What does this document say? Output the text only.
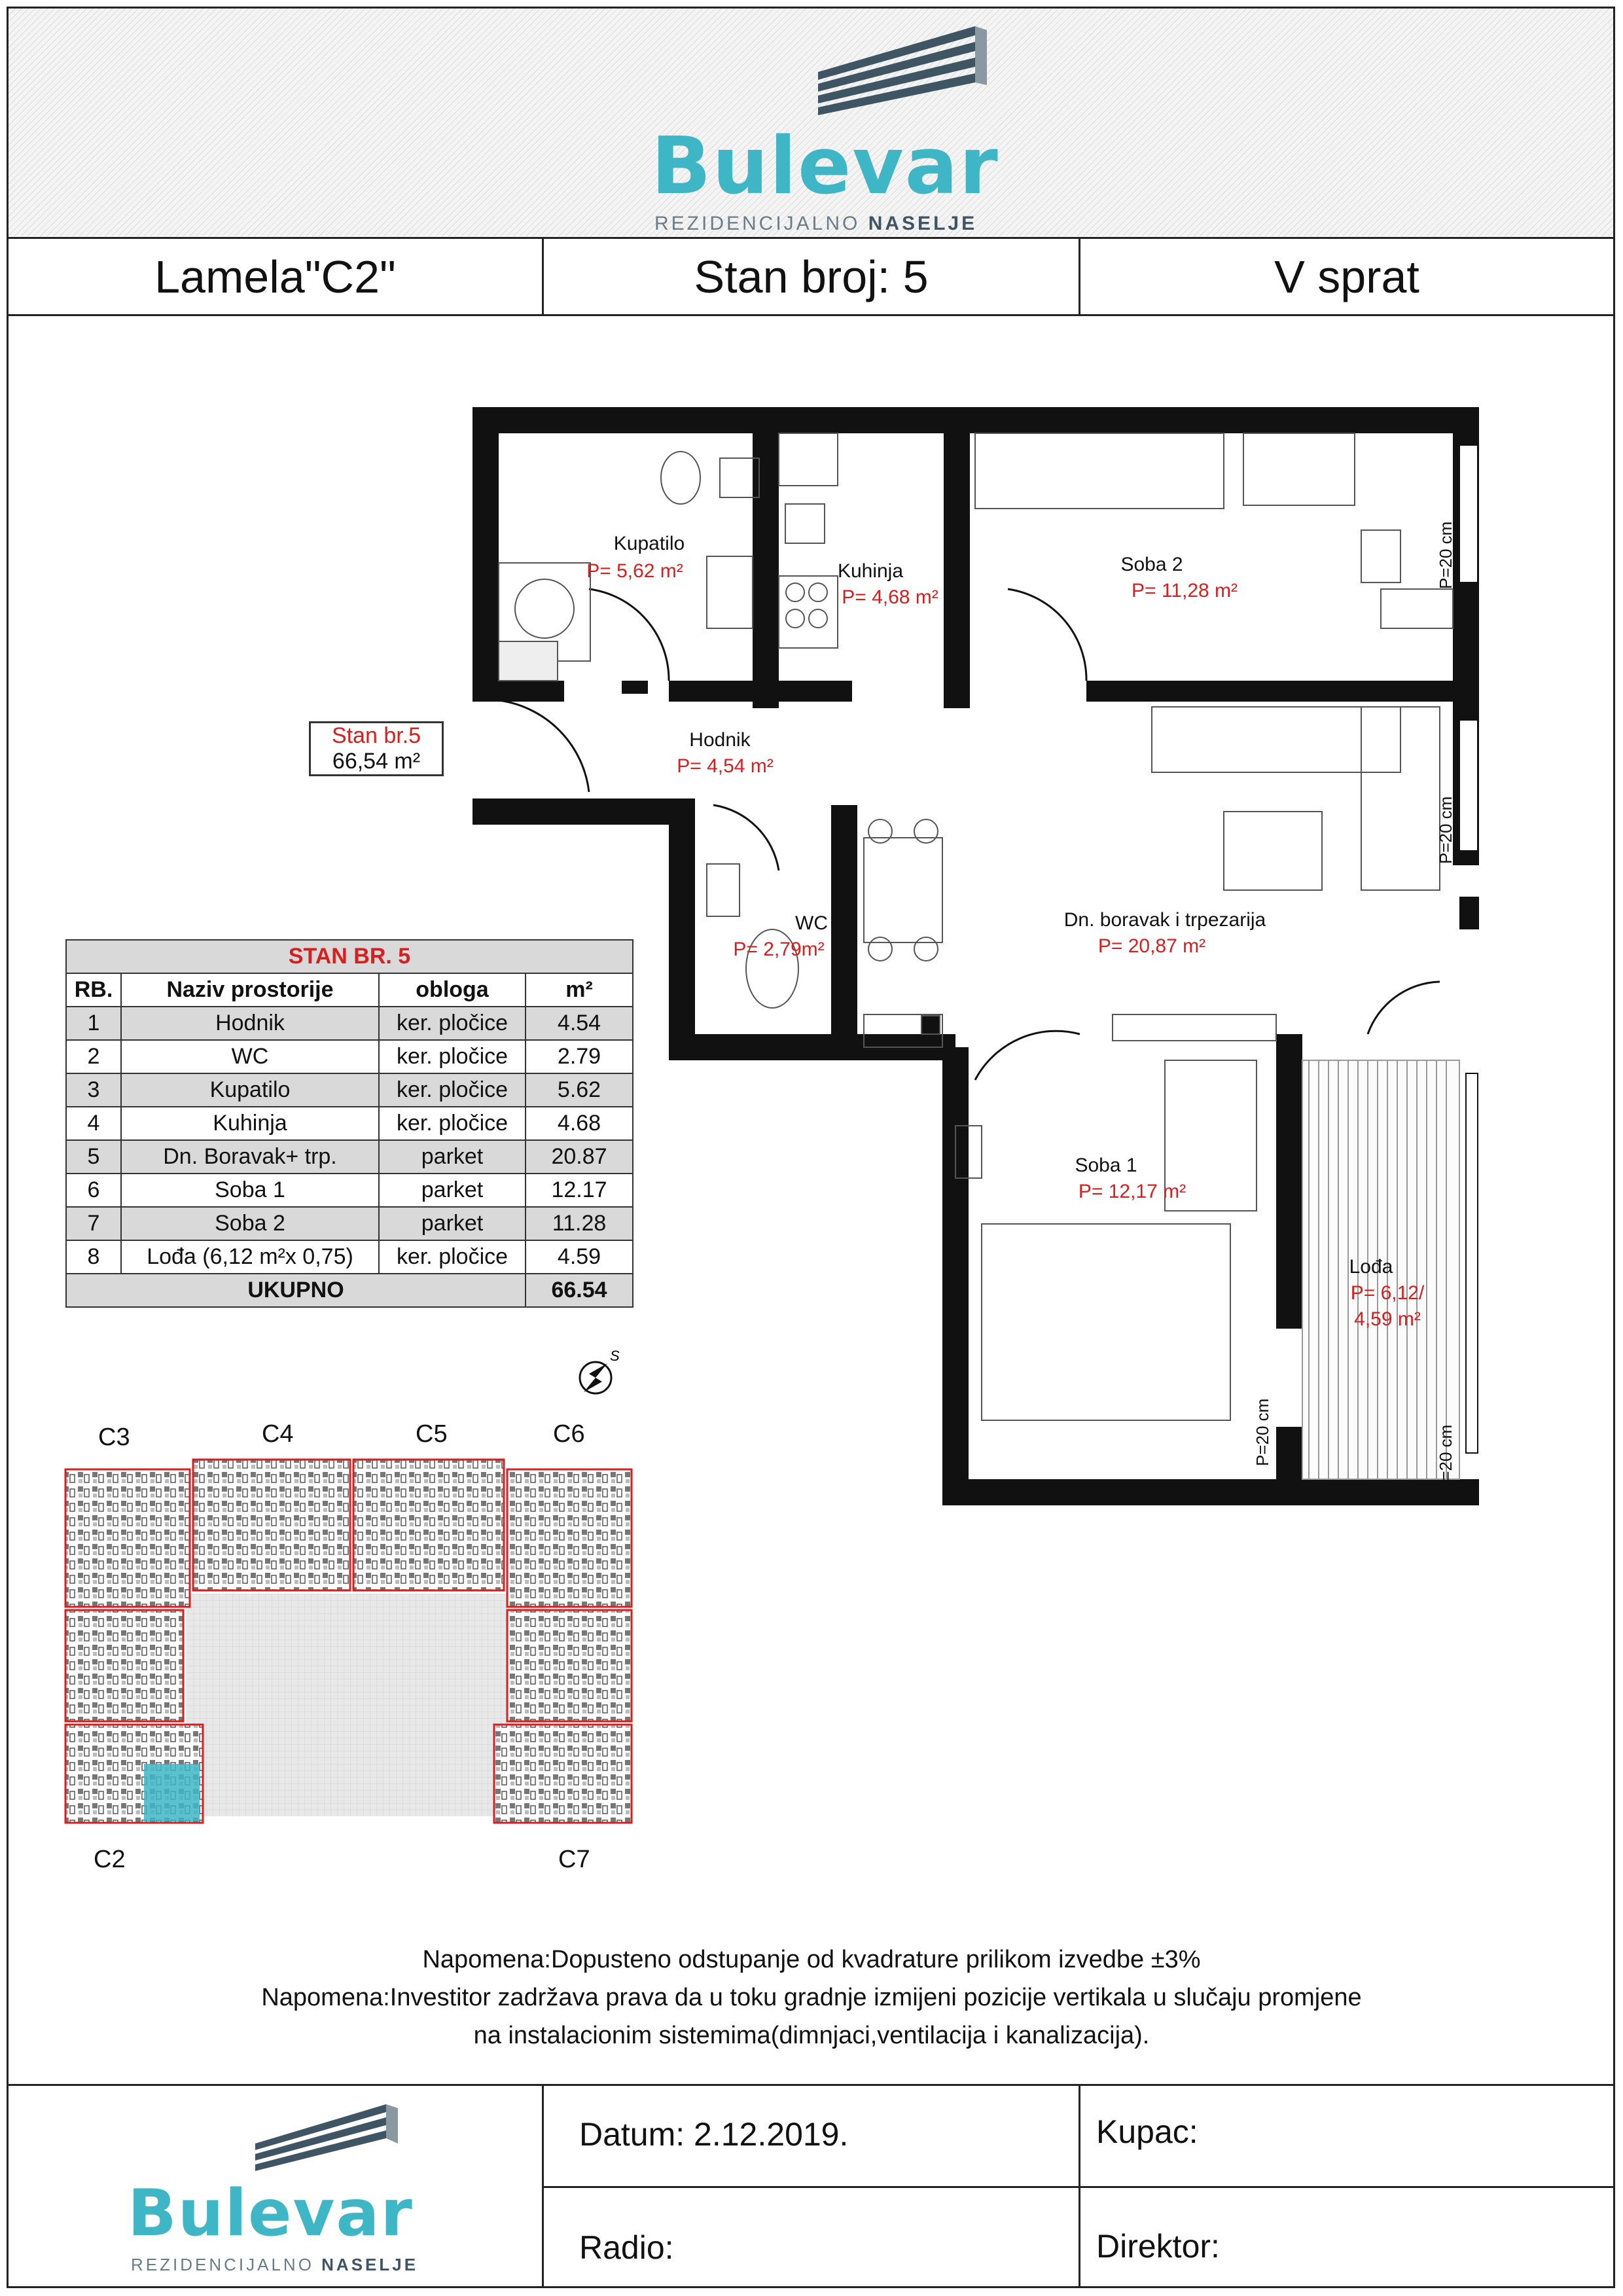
Bulevar
REZIDENCIJALNO NASELJE
Lamela"C2"	Stan broj: 5	V sprat
Kupatilo
P= 5,62 m²	Kuhinja
P= 4,68 m²
Soba 2
P= 11,28 m²
Hodnik
P= 4,54 m²
WC
P= 2,79m²
Dn. boravak i trpezarija
P= 20,87 m²
Soba 1
P= 12,17 m²
Lođa
P= 6,12/
4,59 m²
P=20 cm
P=20 cm
P=20 cm	P=20 cm
Stan br.5
66,54 m²
STAN BR. 5			
RB.	Naziv prostorije	obloga	m²
1	Hodnik	ker. pločice	4.54
2	WC	ker. pločice	2.79
3	Kupatilo	ker. pločice	5.62
4	Kuhinja	ker. pločice	4.68
5	Dn. Boravak+ trp.	parket	20.87
6	Soba 1	parket	12.17
7	Soba 2	parket	11.28
8	Lođa (6,12 m²x 0,75)	ker. pločice	4.59
UKUPNO			66.54
S
C3	C4	C5	C6
C2	C7
Napomena:Dopusteno odstupanje od kvadrature prilikom izvedbe ±3%
Napomena:Investitor zadržava prava da u toku gradnje izmijeni pozicije vertikala u slučaju promjene
na instalacionim sistemima(dimnjaci,ventilacija i kanalizacija).
Bulevar
REZIDENCIJALNO NASELJE
Datum: 2.12.2019.	Kupac:
Radio:	Direktor:
